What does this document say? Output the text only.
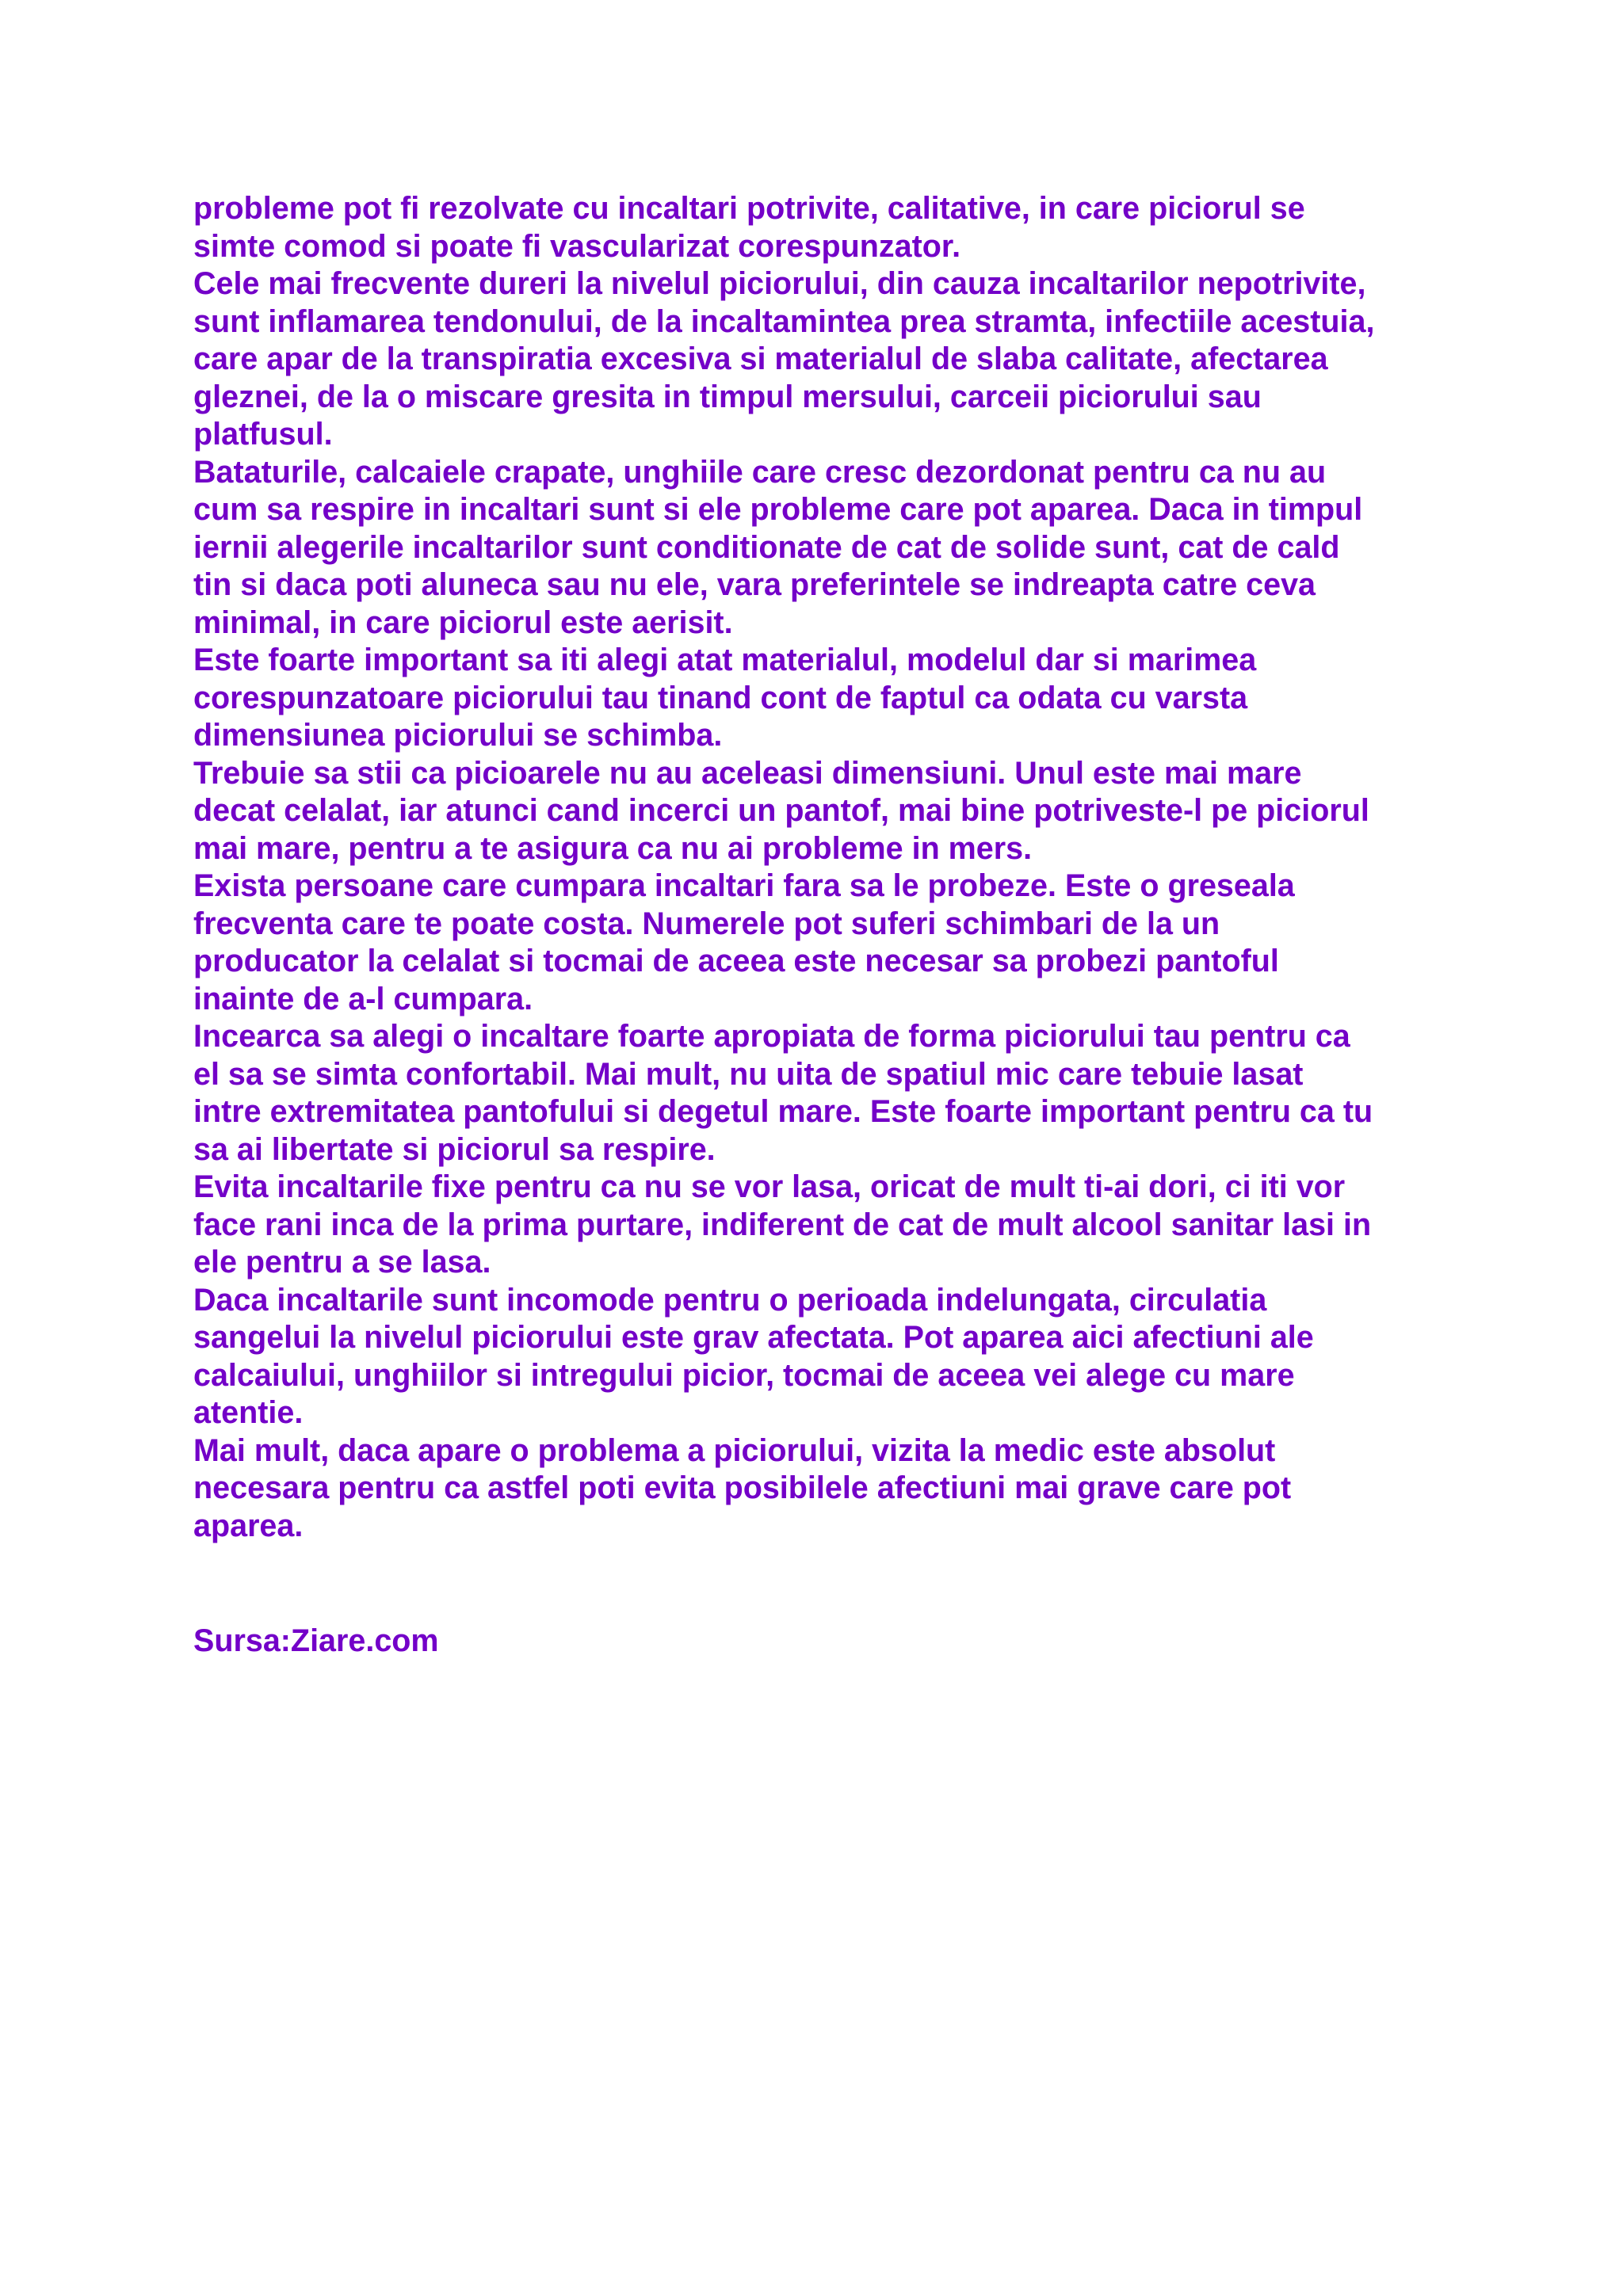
probleme pot fi rezolvate cu incaltari potrivite, calitative, in care piciorul se
simte comod si poate fi vascularizat corespunzator.

Cele mai frecvente dureri la nivelul piciorului, din cauza incaltarilor nepotrivite,
sunt inflamarea tendonului, de la incaltamintea prea stramta, infectiile acestuia,
care apar de la transpiratia excesiva si materialul de slaba calitate, afectarea
gleznei, de la o miscare gresita in timpul mersului, carceii piciorului sau
platfusul.

Bataturile, calcaiele crapate, unghiile care cresc dezordonat pentru ca nu au
cum sa respire in incaltari sunt si ele probleme care pot aparea. Daca in timpul
iernii alegerile incaltarilor sunt conditionate de cat de solide sunt, cat de cald
tin si daca poti aluneca sau nu ele, vara preferintele se indreapta catre ceva
minimal, in care piciorul este aerisit.

Este foarte important sa iti alegi atat materialul, modelul dar si marimea
corespunzatoare piciorului tau tinand cont de faptul ca odata cu varsta
dimensiunea piciorului se schimba.

Trebuie sa stii ca picioarele nu au aceleasi dimensiuni. Unul este mai mare
decat celalat, iar atunci cand incerci un pantof, mai bine potriveste-l pe piciorul
mai mare, pentru a te asigura ca nu ai probleme in mers.

Exista persoane care cumpara incaltari fara sa le probeze. Este o greseala
frecventa care te poate costa. Numerele pot suferi schimbari de la un
producator la celalat si tocmai de aceea este necesar sa probezi pantoful
inainte de a-l cumpara.

Incearca sa alegi o incaltare foarte apropiata de forma piciorului tau pentru ca
el sa se simta confortabil. Mai mult, nu uita de spatiul mic care tebuie lasat
intre extremitatea pantofului si degetul mare. Este foarte important pentru ca tu
sa ai libertate si piciorul sa respire.

Evita incaltarile fixe pentru ca nu se vor lasa, oricat de mult ti-ai dori, ci iti vor
face rani inca de la prima purtare, indiferent de cat de mult alcool sanitar lasi in
ele pentru a se lasa.

Daca incaltarile sunt incomode pentru o perioada indelungata, circulatia
sangelui la nivelul piciorului este grav afectata. Pot aparea aici afectiuni ale
calcaiului, unghiilor si intregului picior, tocmai de aceea vei alege cu mare
atentie.

Mai mult, daca apare o problema a piciorului, vizita la medic este absolut
necesara pentru ca astfel poti evita posibilele afectiuni mai grave care pot
aparea.

Sursa:Ziare.com
